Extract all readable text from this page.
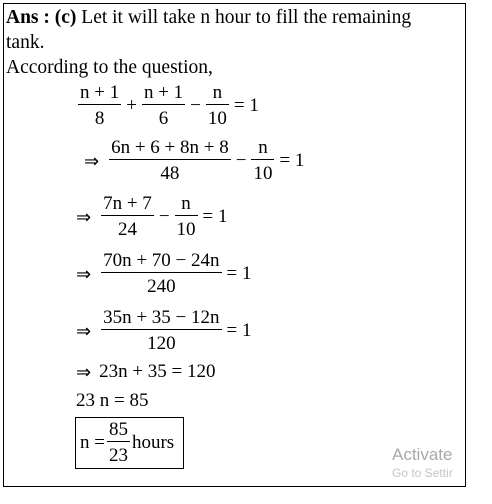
Ans : (c) Let it will take n hour to fill the remaining
tank.
According to the question,
$\frac{n + 1}{8} + \frac{n + 1}{6} - \frac{n}{10} = 1$
⇒ $\frac{6n + 6 + 8n + 8}{48} - \frac{n}{10} = 1$
⇒ $\frac{7n + 7}{24} - \frac{n}{10} = 1$
⇒ $\frac{70n + 70 - 24n}{240} = 1$
⇒ $\frac{35n + 35 - 12n}{120} = 1$
⇒ 23n + 35 = 120
23 n = 85
$n = \frac{85}{23}$ hours
Activate
Go to Settir
